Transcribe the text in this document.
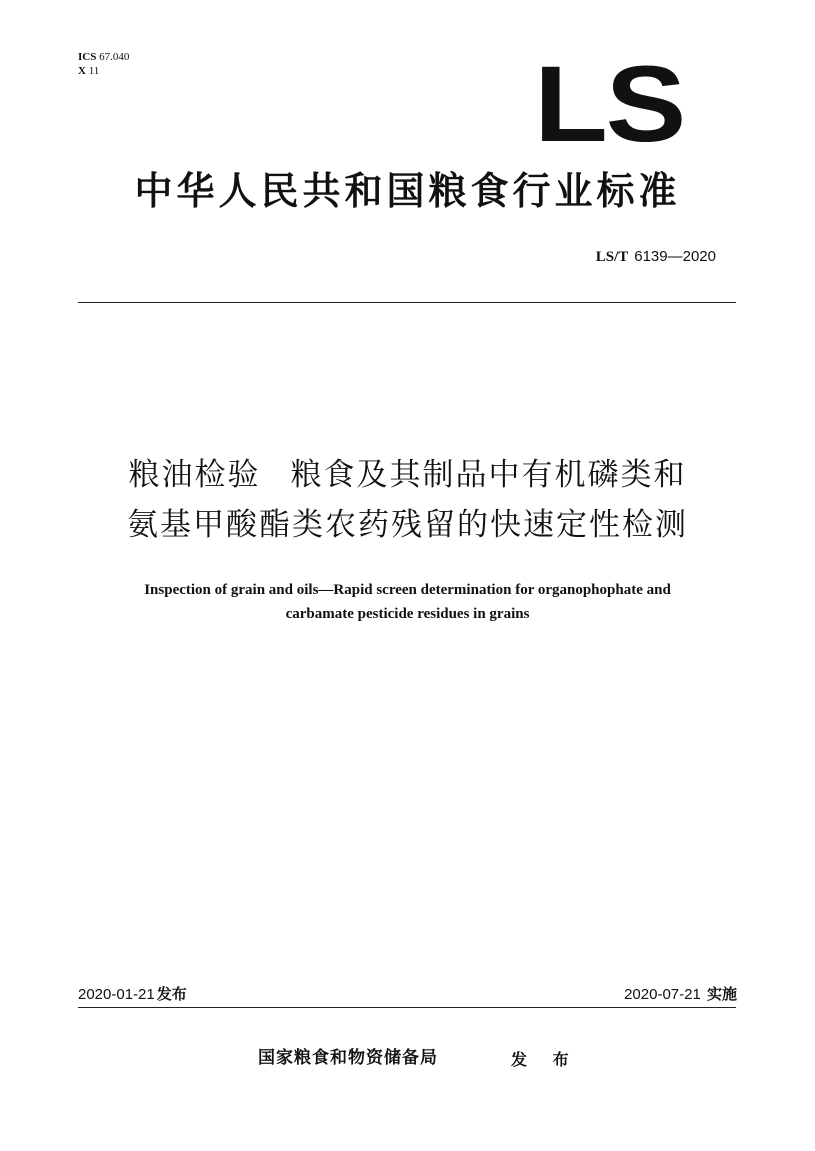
ICS 67.040
X 11	LS
中华人民共和国粮食行业标准
LS/T 6139—2020
粮油检验 粮食及其制品中有机磷类和
氨基甲酸酯类农药残留的快速定性检测
Inspection of grain and oils—Rapid screen determination for organophophate and
carbamate pesticide residues in grains
2020-01-21 发布	2020-07-21 实施
国家粮食和物资储备局	发 布
